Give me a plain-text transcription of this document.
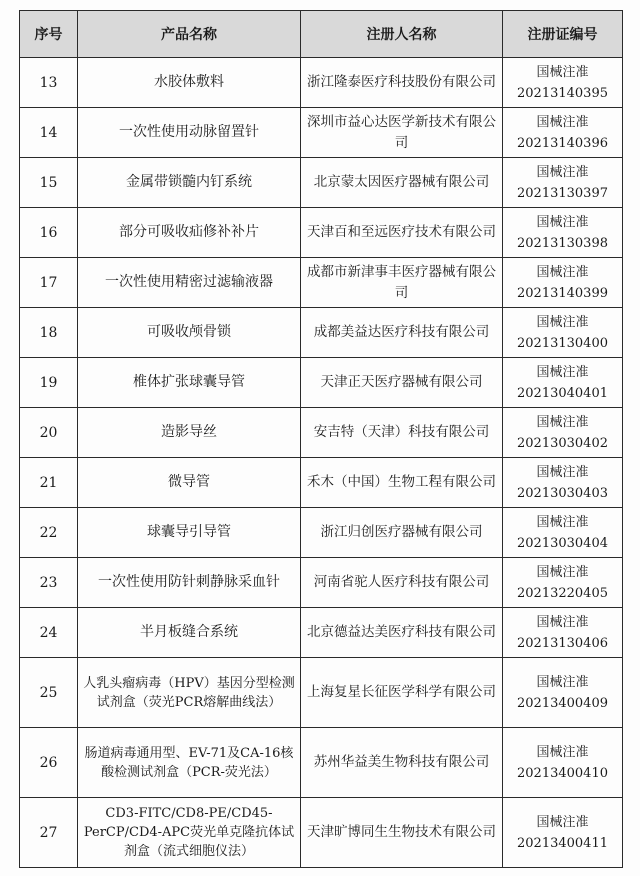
序号	产品名称	注册人名称	注册证编号
13	水胶体敷料	浙江隆泰医疗科技股份有限公司	国械注准
20213140395

14	一次性使用动脉留置针	深圳市益心达医学新技术有限公司	国械注准
20213140396

15	金属带锁髓内钉系统	北京蒙太因医疗器械有限公司	国械注准
20213130397

16	部分可吸收疝修补补片	天津百和至远医疗技术有限公司	国械注准
20213130398

17	一次性使用精密过滤输液器	成都市新津事丰医疗器械有限公司	国械注准
20213140399

18	可吸收颅骨锁	成都美益达医疗科技有限公司	国械注准
20213130400

19	椎体扩张球囊导管	天津正天医疗器械有限公司	国械注准
20213040401

20	造影导丝	安吉特（天津）科技有限公司	国械注准
20213030402

21	微导管	禾木（中国）生物工程有限公司	国械注准
20213030403

22	球囊导引导管	浙江归创医疗器械有限公司	国械注准
20213030404

23	一次性使用防针刺静脉采血针	河南省驼人医疗科技有限公司	国械注准
20213220405

24	半月板缝合系统	北京德益达美医疗科技有限公司	国械注准
20213130406

25	人乳头瘤病毒（HPV）基因分型检测试剂盒（荧光PCR熔解曲线法）	上海复星长征医学科学有限公司	国械注准
20213400409

26	肠道病毒通用型、EV-71及CA-16核酸检测试剂盒（PCR-荧光法）	苏州华益美生物科技有限公司	国械注准
20213400410

27	CD3-FITC/CD8-PE/CD45-PerCP/CD4-APC荧光单克隆抗体试剂盒（流式细胞仪法）	天津旷博同生生物技术有限公司	国械注准
20213400411
